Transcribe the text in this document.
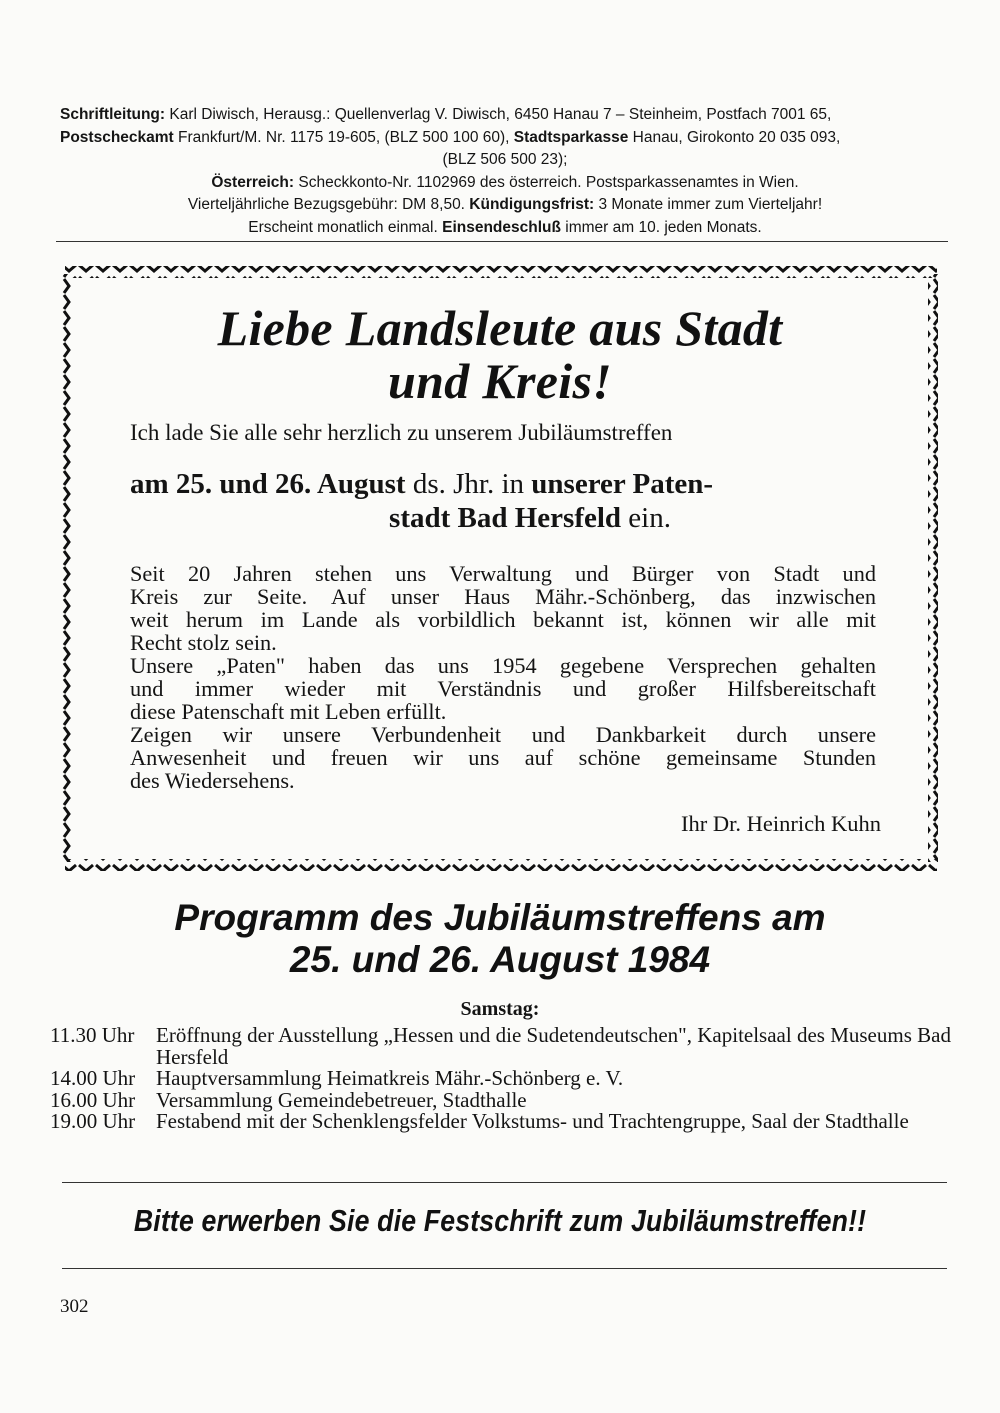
Schriftleitung: Karl Diwisch, Herausg.: Quellenverlag V. Diwisch, 6450 Hanau 7 – Steinheim, Postfach 7001 65,
Postscheckamt Frankfurt/M. Nr. 1175 19-605, (BLZ 500 100 60), Stadtsparkasse Hanau, Girokonto 20 035 093,
(BLZ 506 500 23);
Österreich: Scheckkonto-Nr. 1102969 des österreich. Postsparkassenamtes in Wien.
Vierteljährliche Bezugsgebühr: DM 8,50. Kündigungsfrist: 3 Monate immer zum Vierteljahr!
Erscheint monatlich einmal. Einsendeschluß immer am 10. jeden Monats.
Liebe Landsleute aus Stadt
und Kreis!
Ich lade Sie alle sehr herzlich zu unserem Jubiläumstreffen
am 25. und 26. August ds. Jhr. in unserer Paten-
stadt Bad Hersfeld ein.
Seit 20 Jahren stehen uns Verwaltung und Bürger von Stadt und
Kreis zur Seite. Auf unser Haus Mähr.-Schönberg, das inzwischen
weit herum im Lande als vorbildlich bekannt ist, können wir alle mit
Recht stolz sein.
Unsere „Paten" haben das uns 1954 gegebene Versprechen gehalten
und immer wieder mit Verständnis und großer Hilfsbereitschaft
diese Patenschaft mit Leben erfüllt.
Zeigen wir unsere Verbundenheit und Dankbarkeit durch unsere
Anwesenheit und freuen wir uns auf schöne gemeinsame Stunden
des Wiedersehens.
Ihr Dr. Heinrich Kuhn
Programm des Jubiläumstreffens am
25. und 26. August 1984
Samstag:
11.30 Uhr Eröffnung der Ausstellung „Hessen und die Sudetendeutschen", Kapitelsaal des Museums Bad Hersfeld
14.00 Uhr Hauptversammlung Heimatkreis Mähr.-Schönberg e. V.
16.00 Uhr Versammlung Gemeindebetreuer, Stadthalle
19.00 Uhr Festabend mit der Schenklengsfelder Volkstums- und Trachtengruppe, Saal der Stadthalle
Bitte erwerben Sie die Festschrift zum Jubiläumstreffen!!
302
